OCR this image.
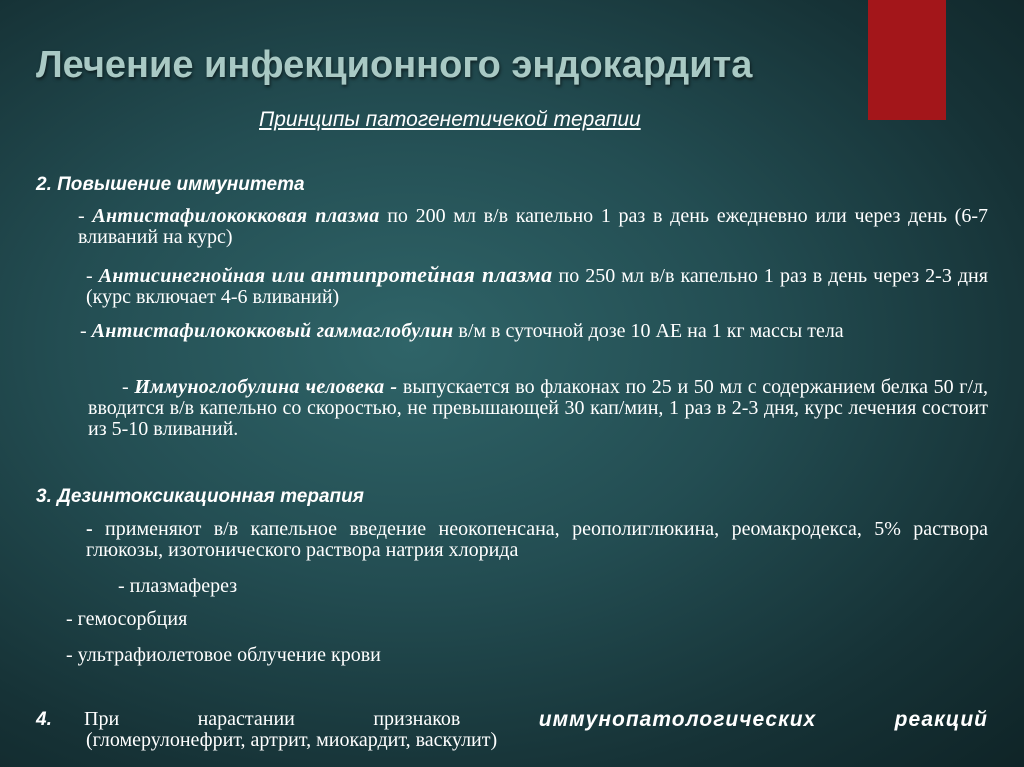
Лечение инфекционного эндокардита
Принципы патогенетичекой терапии
2. Повышение иммунитета
- Антистафилококковая плазма по 200 мл в/в капельно 1 раз в день ежедневно или через день (6-7 вливаний на курс)
- Антисинегнойная или антипротейная плазма по 250 мл в/в капельно 1 раз в день через 2-3 дня (курс включает 4-6 вливаний)
- Антистафилококковый гаммаглобулин в/м в суточной дозе 10 АЕ на 1 кг массы тела
- Иммуноглобулина человека - выпускается во флаконах по 25 и 50 мл с содержанием белка 50 г/л, вводится в/в капельно со скоростью, не превышающей 30 кап/мин, 1 раз в 2-3 дня, курс лечения состоит из 5-10 вливаний.
3. Дезинтоксикационная терапия
- применяют в/в капельное введение неокопенсана, реополиглюкина, реомакродекса, 5% раствора глюкозы, изотонического раствора натрия хлорида
- плазмаферез
- гемосорбция
- ультрафиолетовое облучение крови
4.	При	нарастании	признаков	иммунопатологических	реакций
(гломерулонефрит, артрит, миокардит, васкулит)
